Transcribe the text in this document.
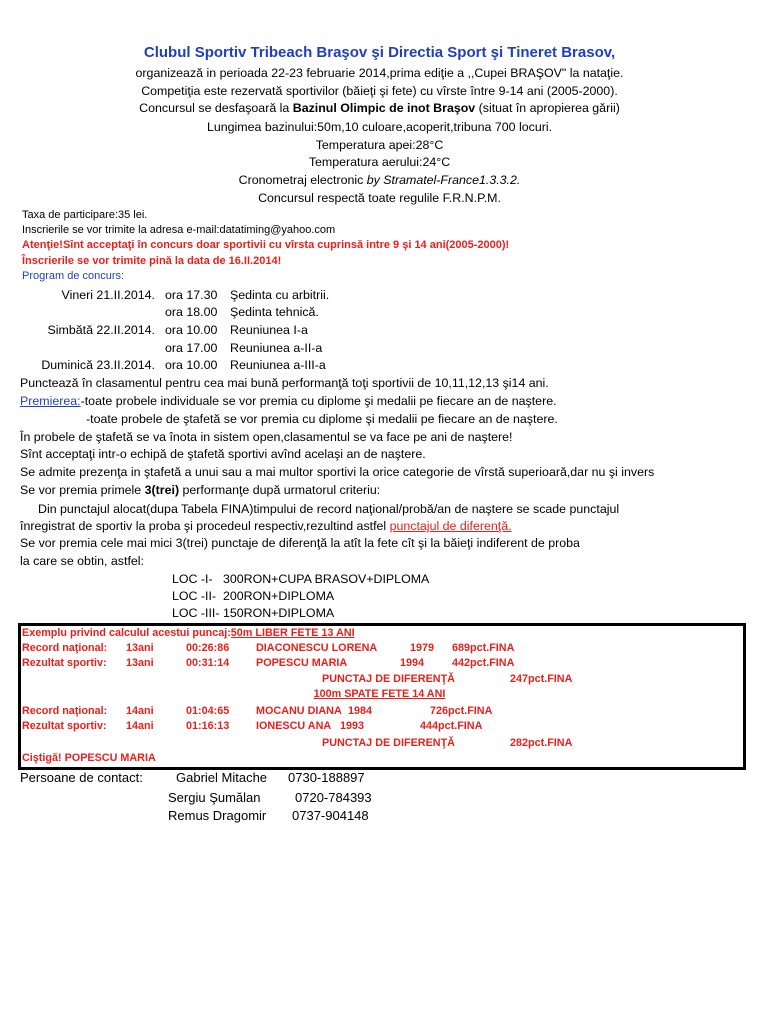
Clubul Sportiv Tribeach Braşov şi Directia Sport şi Tineret Brasov,
organizează in perioada 22-23 februarie 2014,prima ediţie a ,,Cupei BRAŞOV" la nataţie.
Competiţia este rezervată sportivilor (băieţi şi fete) cu vîrste între 9-14 ani (2005-2000).
Concursul se desfaşoară la Bazinul Olimpic de inot Braşov (situat în apropierea gării)
Lungimea bazinului:50m,10 culoare,acoperit,tribuna 700 locuri.
Temperatura apei:28°C
Temperatura aerului:24°C
Cronometraj electronic by Stramatel-France1.3.3.2.
Concursul respectă toate regulile F.R.N.P.M.
Taxa de participare:35 lei.
Inscrierile se vor trimite la adresa e-mail:datatiming@yahoo.com
Atenţie!Sînt acceptaţi în concurs doar sportivii cu vîrsta cuprinsă intre 9 şi 14 ani(2005-2000)!
Înscrierile se vor trimite pină la data de 16.II.2014!
Program de concurs:
Vineri 21.II.2014. ora 17.30 Şedinta cu arbitrii.
ora 18.00 Şedinta tehnică.
Simbătă 22.II.2014. ora 10.00 Reuniunea I-a
ora 17.00 Reuniunea a-II-a
Duminică 23.II.2014. ora 10.00 Reuniunea a-III-a
Punctează în clasamentul pentru cea mai bună performanţă toţi sportivii de 10,11,12,13 şi14 ani.
Premierea:-toate probele individuale se vor premia cu diplome şi medalii pe fiecare an de naştere.
-toate probele de ştafetă se vor premia cu diplome şi medalii pe fiecare an de naştere.
În probele de ştafetă se va înota in sistem open,clasamentul se va face pe ani de naştere!
Sînt acceptaţi intr-o echipă de ştafetă sportivi avînd acelaşi an de naştere.
Se admite prezenţa in ştafetă a unui sau a mai multor sportivi la orice categorie de vîrstă superioară,dar nu şi invers
Se vor premia primele 3(trei) performanţe după urmatorul criteriu:
Din punctajul alocat(dupa Tabela FINA)timpului de record naţional/probă/an de naştere se scade punctajul
înregistrat de sportiv la proba şi procedeul respectiv,rezultind astfel punctajul de diferenţă.
Se vor premia cele mai mici 3(trei) punctaje de diferenţă la atît la fete cît şi la băieţi indiferent de proba
la care se obtin, astfel:
LOC -I-   300RON+CUPA BRASOV+DIPLOMA
LOC -II-  200RON+DIPLOMA
LOC -III- 150RON+DIPLOMA
Exemplu privind calculul acestui puncaj:50m LIBER FETE 13 ANI
Record naţional: 13ani	00:26:86 DIACONESCU LORENA	1979 689pct.FINA
Rezultat sportiv: 13ani	00:31:14 POPESCU MARIA	1994	442pct.FINA
PUNCTAJ DE DIFERENŢĂ	247pct.FINA
100m SPATE FETE 14 ANI
Record naţional: 14ani	01:04:65 MOCANU DIANA 1984	726pct.FINA
Rezultat sportiv: 14ani	01:16:13 IONESCU ANA 1993	444pct.FINA
PUNCTAJ DE DIFERENŢĂ	282pct.FINA
Ciştigă! POPESCU MARIA
Persoane de contact:	Gabriel Mitache 0730-188897
Sergiu Şumălan	0720-784393
Remus Dragomir 0737-904148
